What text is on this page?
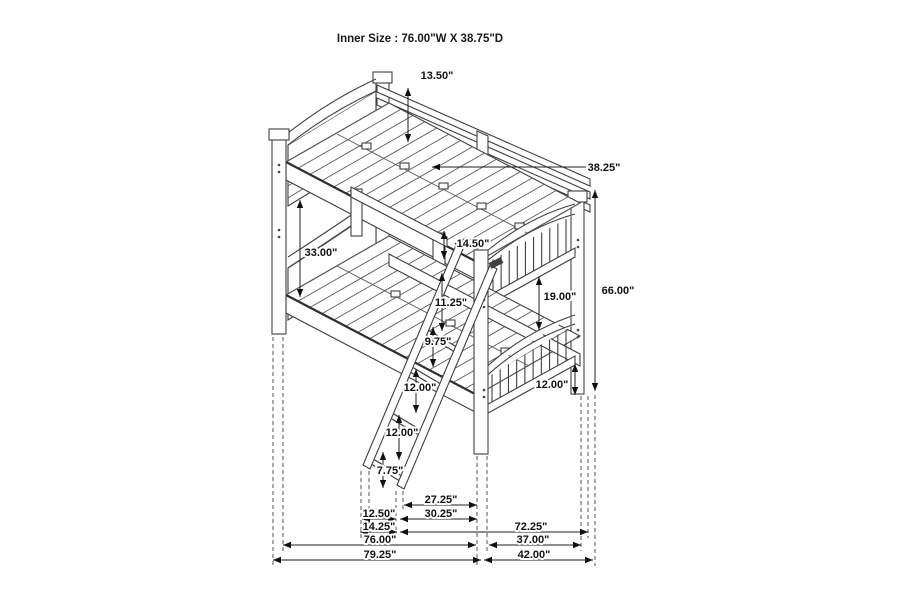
Inner Size : 76.00"W X 38.75"D
13.50"
38.25"
33.00"
14.50"
19.00" 66.00"
11.25"
9.75"
12.00"
12.00"
7.75"
12.00"
27.25"
12.50"	30.25"
14.25"	72.25"
76.00"	37.00"
79.25"	42.00"
